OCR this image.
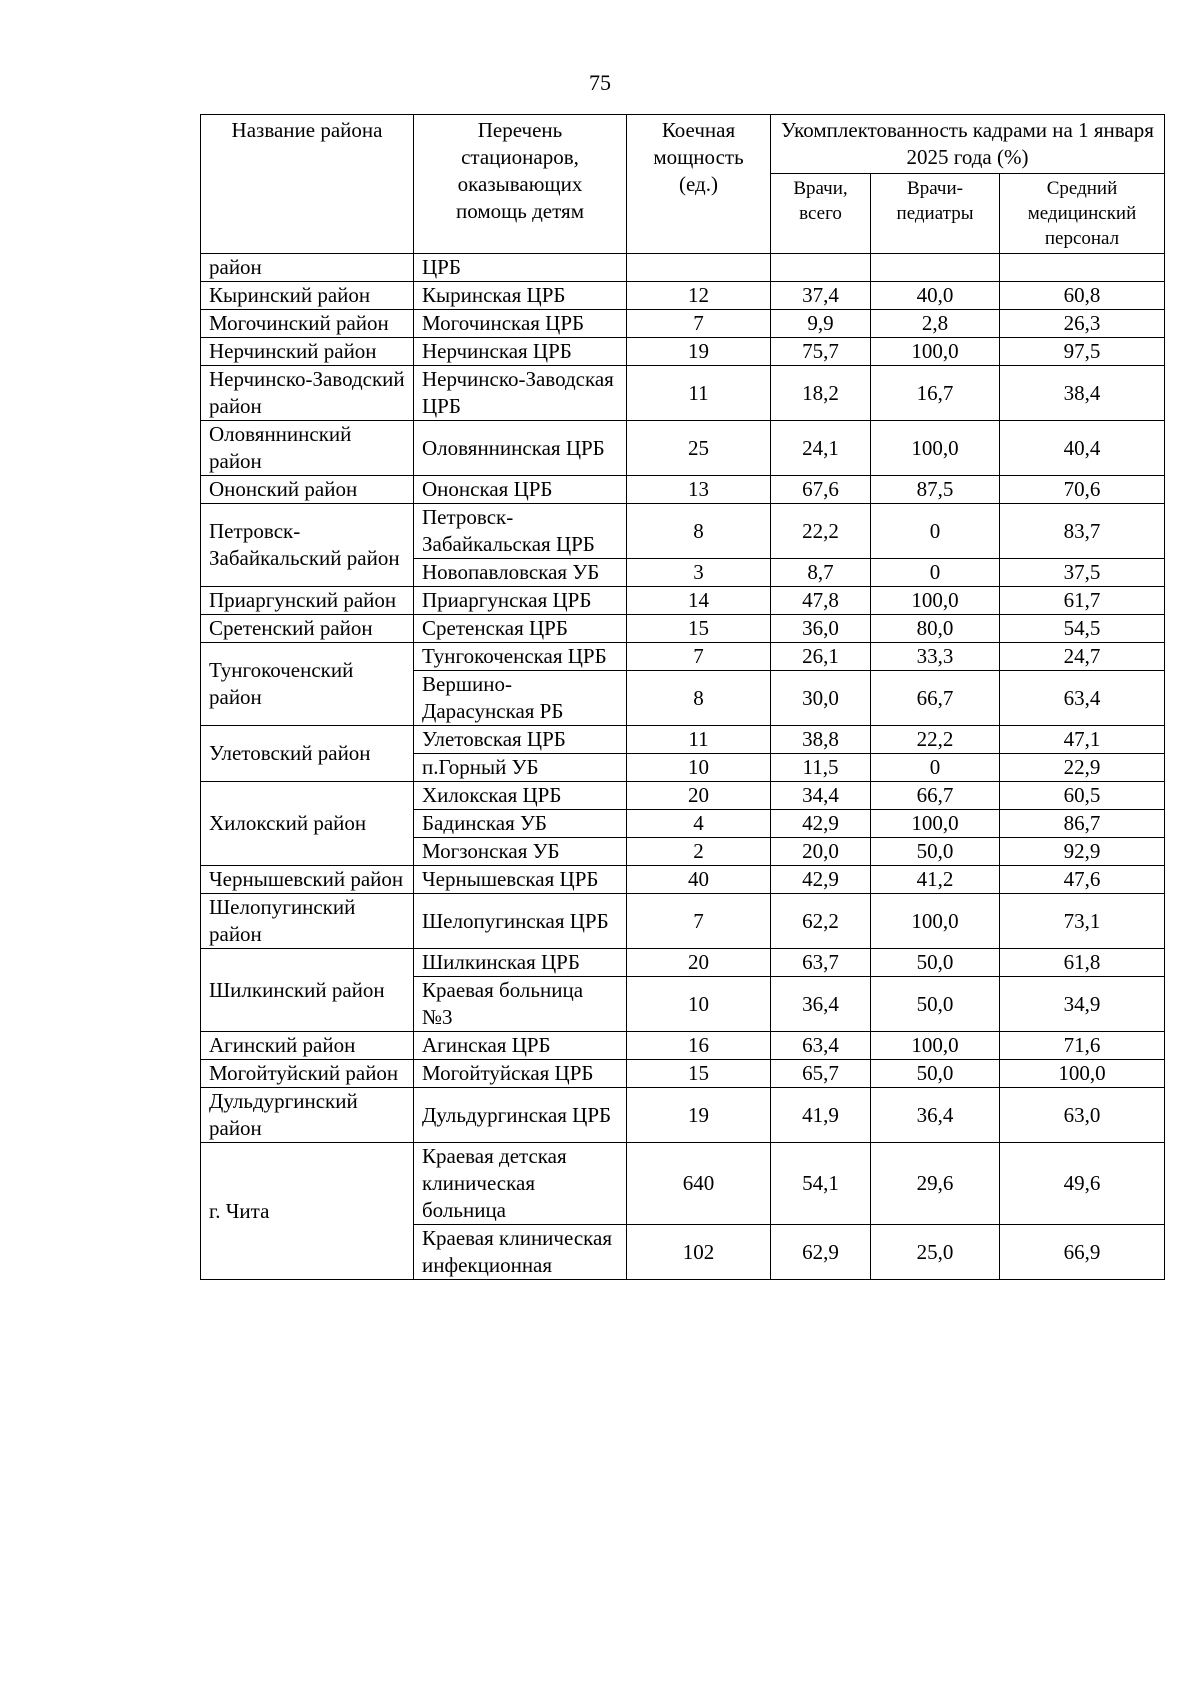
75
Название района	Перечень стационаров, оказывающих помощь детям	Коечная мощность (ед.)	Укомплектованность кадрами на 1 января 2025 года (%)		
			Врачи, всего	Врачи-педиатры	Средний медицинский персонал
район	ЦРБ				
Кыринский район	Кыринская ЦРБ	12	37,4	40,0	60,8
Могочинский район	Могочинская ЦРБ	7	9,9	2,8	26,3
Нерчинский район	Нерчинская ЦРБ	19	75,7	100,0	97,5
Нерчинско-Заводский район	Нерчинско-Заводская ЦРБ	11	18,2	16,7	38,4
Оловяннинский район	Оловяннинская ЦРБ	25	24,1	100,0	40,4
Ононский район	Ононская ЦРБ	13	67,6	87,5	70,6
Петровск-Забайкальский район	Петровск-Забайкальская ЦРБ	8	22,2	0	83,7
	Новопавловская УБ	3	8,7	0	37,5
Приаргунский район	Приаргунская ЦРБ	14	47,8	100,0	61,7
Сретенский район	Сретенская ЦРБ	15	36,0	80,0	54,5
Тунгокоченский район	Тунгокоченская ЦРБ	7	26,1	33,3	24,7
	Вершино-Дарасунская РБ	8	30,0	66,7	63,4
Улетовский район	Улетовская ЦРБ	11	38,8	22,2	47,1
	п.Горный УБ	10	11,5	0	22,9
Хилокский район	Хилокская ЦРБ	20	34,4	66,7	60,5
	Бадинская УБ	4	42,9	100,0	86,7
	Могзонская УБ	2	20,0	50,0	92,9
Чернышевский район	Чернышевская ЦРБ	40	42,9	41,2	47,6
Шелопугинский район	Шелопугинская ЦРБ	7	62,2	100,0	73,1
Шилкинский район	Шилкинская ЦРБ	20	63,7	50,0	61,8
	Краевая больница №3	10	36,4	50,0	34,9
Агинский район	Агинская ЦРБ	16	63,4	100,0	71,6
Могойтуйский район	Могойтуйская ЦРБ	15	65,7	50,0	100,0
Дульдургинский район	Дульдургинская ЦРБ	19	41,9	36,4	63,0
г. Чита	Краевая детская клиническая больница	640	54,1	29,6	49,6
	Краевая клиническая инфекционная	102	62,9	25,0	66,9
